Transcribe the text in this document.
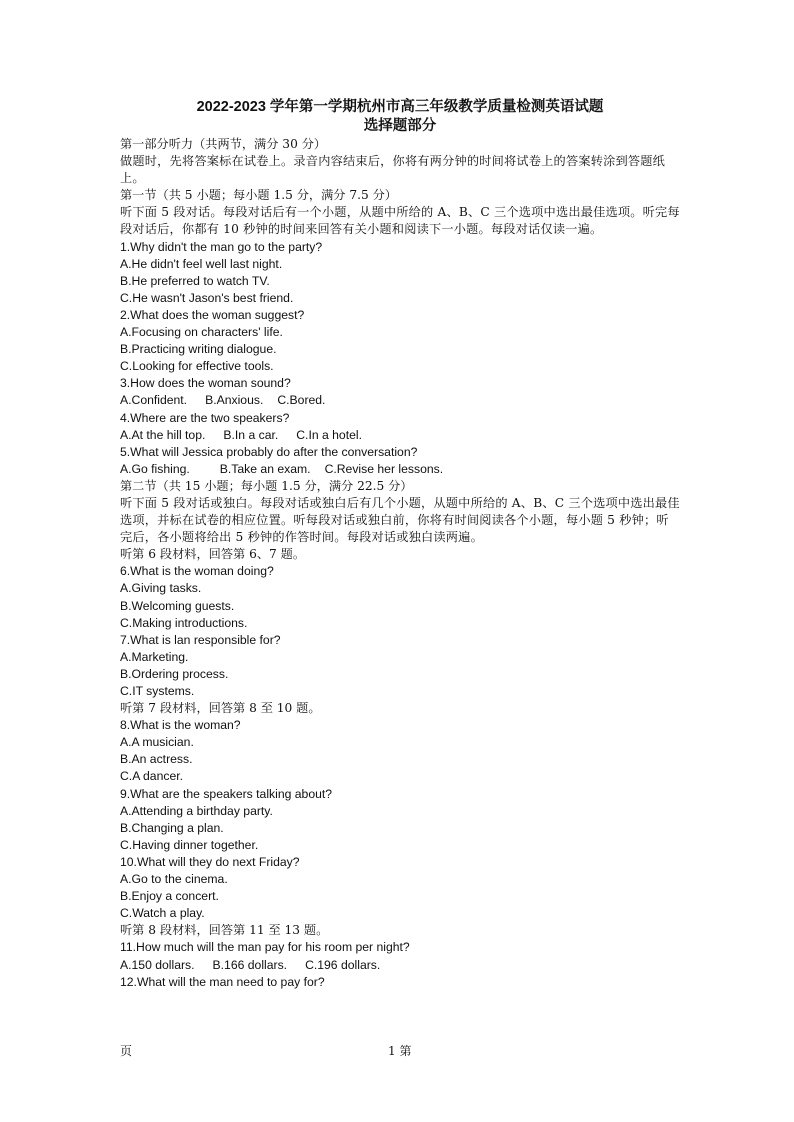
2022-2023 学年第一学期杭州市高三年级教学质量检测英语试题

选择题部分

第一部分听力（共两节，满分 30 分）

做题时，先将答案标在试卷上。录音内容结束后，你将有两分钟的时间将试卷上的答案转涂到答题纸上。

第一节（共 5 小题；每小题 1.5 分，满分 7.5 分）

听下面 5 段对话。每段对话后有一个小题，从题中所给的 A、B、C 三个选项中选出最佳选项。听完每段对话后，你都有 10 秒钟的时间来回答有关小题和阅读下一小题。每段对话仅读一遍。

1.Why didn't the man go to the party?

A.He didn't feel well last night.

B.He preferred to watch TV.

C.He wasn't Jason's best friend.

2.What does the woman suggest?

A.Focusing on characters' life.

B.Practicing writing dialogue.

C.Looking for effective tools.

3.How does the woman sound?

A.Confident. B.Anxious. C.Bored.

4.Where are the two speakers?

A.At the hill top. B.In a car. C.In a hotel.

5.What will Jessica probably do after the conversation?

A.Go fishing. B.Take an exam. C.Revise her lessons.

第二节（共 15 小题；每小题 1.5 分，满分 22.5 分）

听下面 5 段对话或独白。每段对话或独白后有几个小题，从题中所给的 A、B、C 三个选项中选出最佳选项，并标在试卷的相应位置。听每段对话或独白前，你将有时间阅读各个小题，每小题 5 秒钟；听完后，各小题将给出 5 秒钟的作答时间。每段对话或独白读两遍。

听第 6 段材料，回答第 6、7 题。

6.What is the woman doing?

A.Giving tasks.

B.Welcoming guests.

C.Making introductions.

7.What is lan responsible for?

A.Marketing.

B.Ordering process.

C.IT systems.

听第 7 段材料，回答第 8 至 10 题。

8.What is the woman?

A.A musician.

B.An actress.

C.A dancer.

9.What are the speakers talking about?

A.Attending a birthday party.

B.Changing a plan.

C.Having dinner together.

10.What will they do next Friday?

A.Go to the cinema.

B.Enjoy a concert.

C.Watch a play.

听第 8 段材料，回答第 11 至 13 题。

11.How much will the man pay for his room per night?

A.150 dollars. B.166 dollars. C.196 dollars.

12.What will the man need to pay for?

页	1 第
